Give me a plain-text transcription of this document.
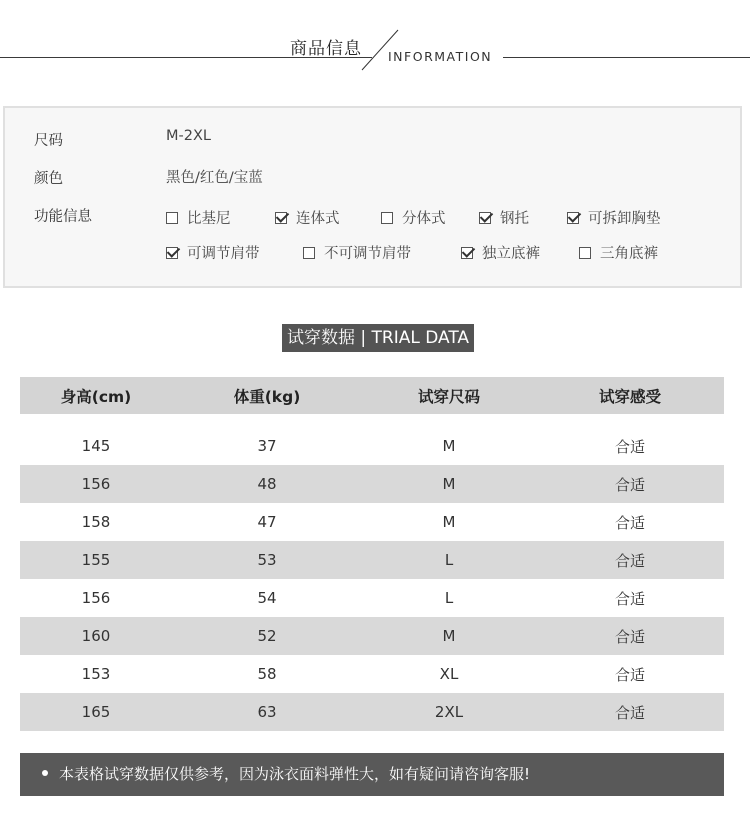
商品信息 INFORMATION
尺码	M-2XL
颜色	黑色/红色/宝蓝
功能信息	比基尼	连体式	分体式	钢托	可拆卸胸垫
可调节肩带	不可调节肩带	独立底裤	三角底裤
试穿数据 | TRIAL DATA
身高(cm)	体重(kg)	试穿尺码	试穿感受
145	37	M	合适
156	48	M	合适
158	47	M	合适
155	53	L	合适
156	54	L	合适
160	52	M	合适
153	58	XL	合适
165	63	2XL	合适
本表格试穿数据仅供参考，因为泳衣面料弹性大，如有疑问请咨询客服!
